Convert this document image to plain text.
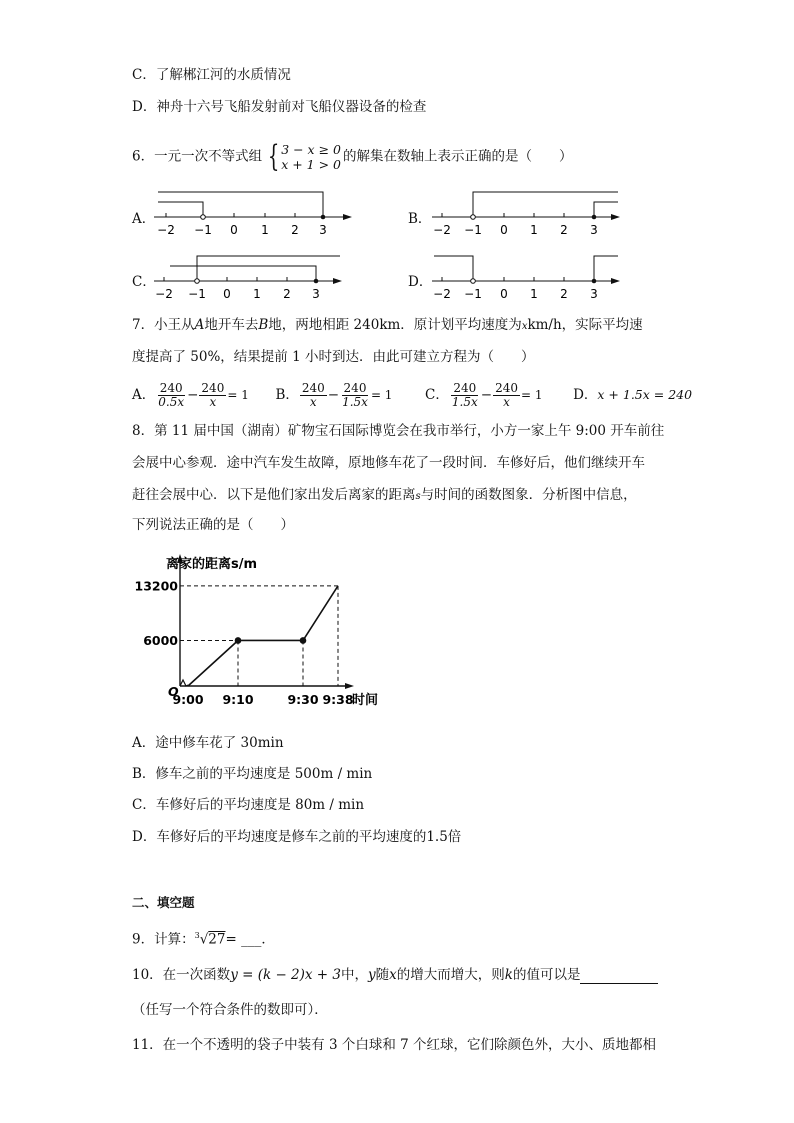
C．了解郴江河的水质情况
D．神舟十六号飞船发射前对飞船仪器设备的检查
6．一元一次不等式组 { 3 − x ≥ 0
x + 1 > 0 的解集在数轴上表示正确的是（　　）
A．	B．
C．	D．
−2 −1 0 1 2 3	−2 −1 0 1 2 3
−2 −1 0 1 2 3	−2 −1 0 1 2 3
7．小王从A地开车去B地，两地相距 240km．原计划平均速度为xkm/h，实际平均速
度提高了 50%，结果提前 1 小时到达．由此可建立方程为（　　）
A． $\frac{240}{0.5x} - \frac{240}{x} = 1$ B． $\frac{240}{x} - \frac{240}{1.5x} = 1$ C． $\frac{240}{1.5x} - \frac{240}{x} = 1$ D．x + 1.5x = 240
8．第 11 届中国（湖南）矿物宝石国际博览会在我市举行，小方一家上午 9:00 开车前往
会展中心参观．途中汽车发生故障，原地修车花了一段时间．车修好后，他们继续开车
赶往会展中心．以下是他们家出发后离家的距离s与时间的函数图象．分析图中信息，
下列说法正确的是（　　）
离家的距离s/m
时间
O
9:00 9:10	9:30 9:38
6000
13200
A．途中修车花了 30min
B．修车之前的平均速度是 500m / min
C．车修好后的平均速度是 80m / min
D．车修好后的平均速度是修车之前的平均速度的1.5倍
二、填空题
9．计算：$^3$√27= ___．
10．在一次函数y = (k − 2)x + 3中，y随x的增大而增大，则k的值可以是
（任写一个符合条件的数即可）．
11．在一个不透明的袋子中装有 3 个白球和 7 个红球，它们除颜色外，大小、质地都相
